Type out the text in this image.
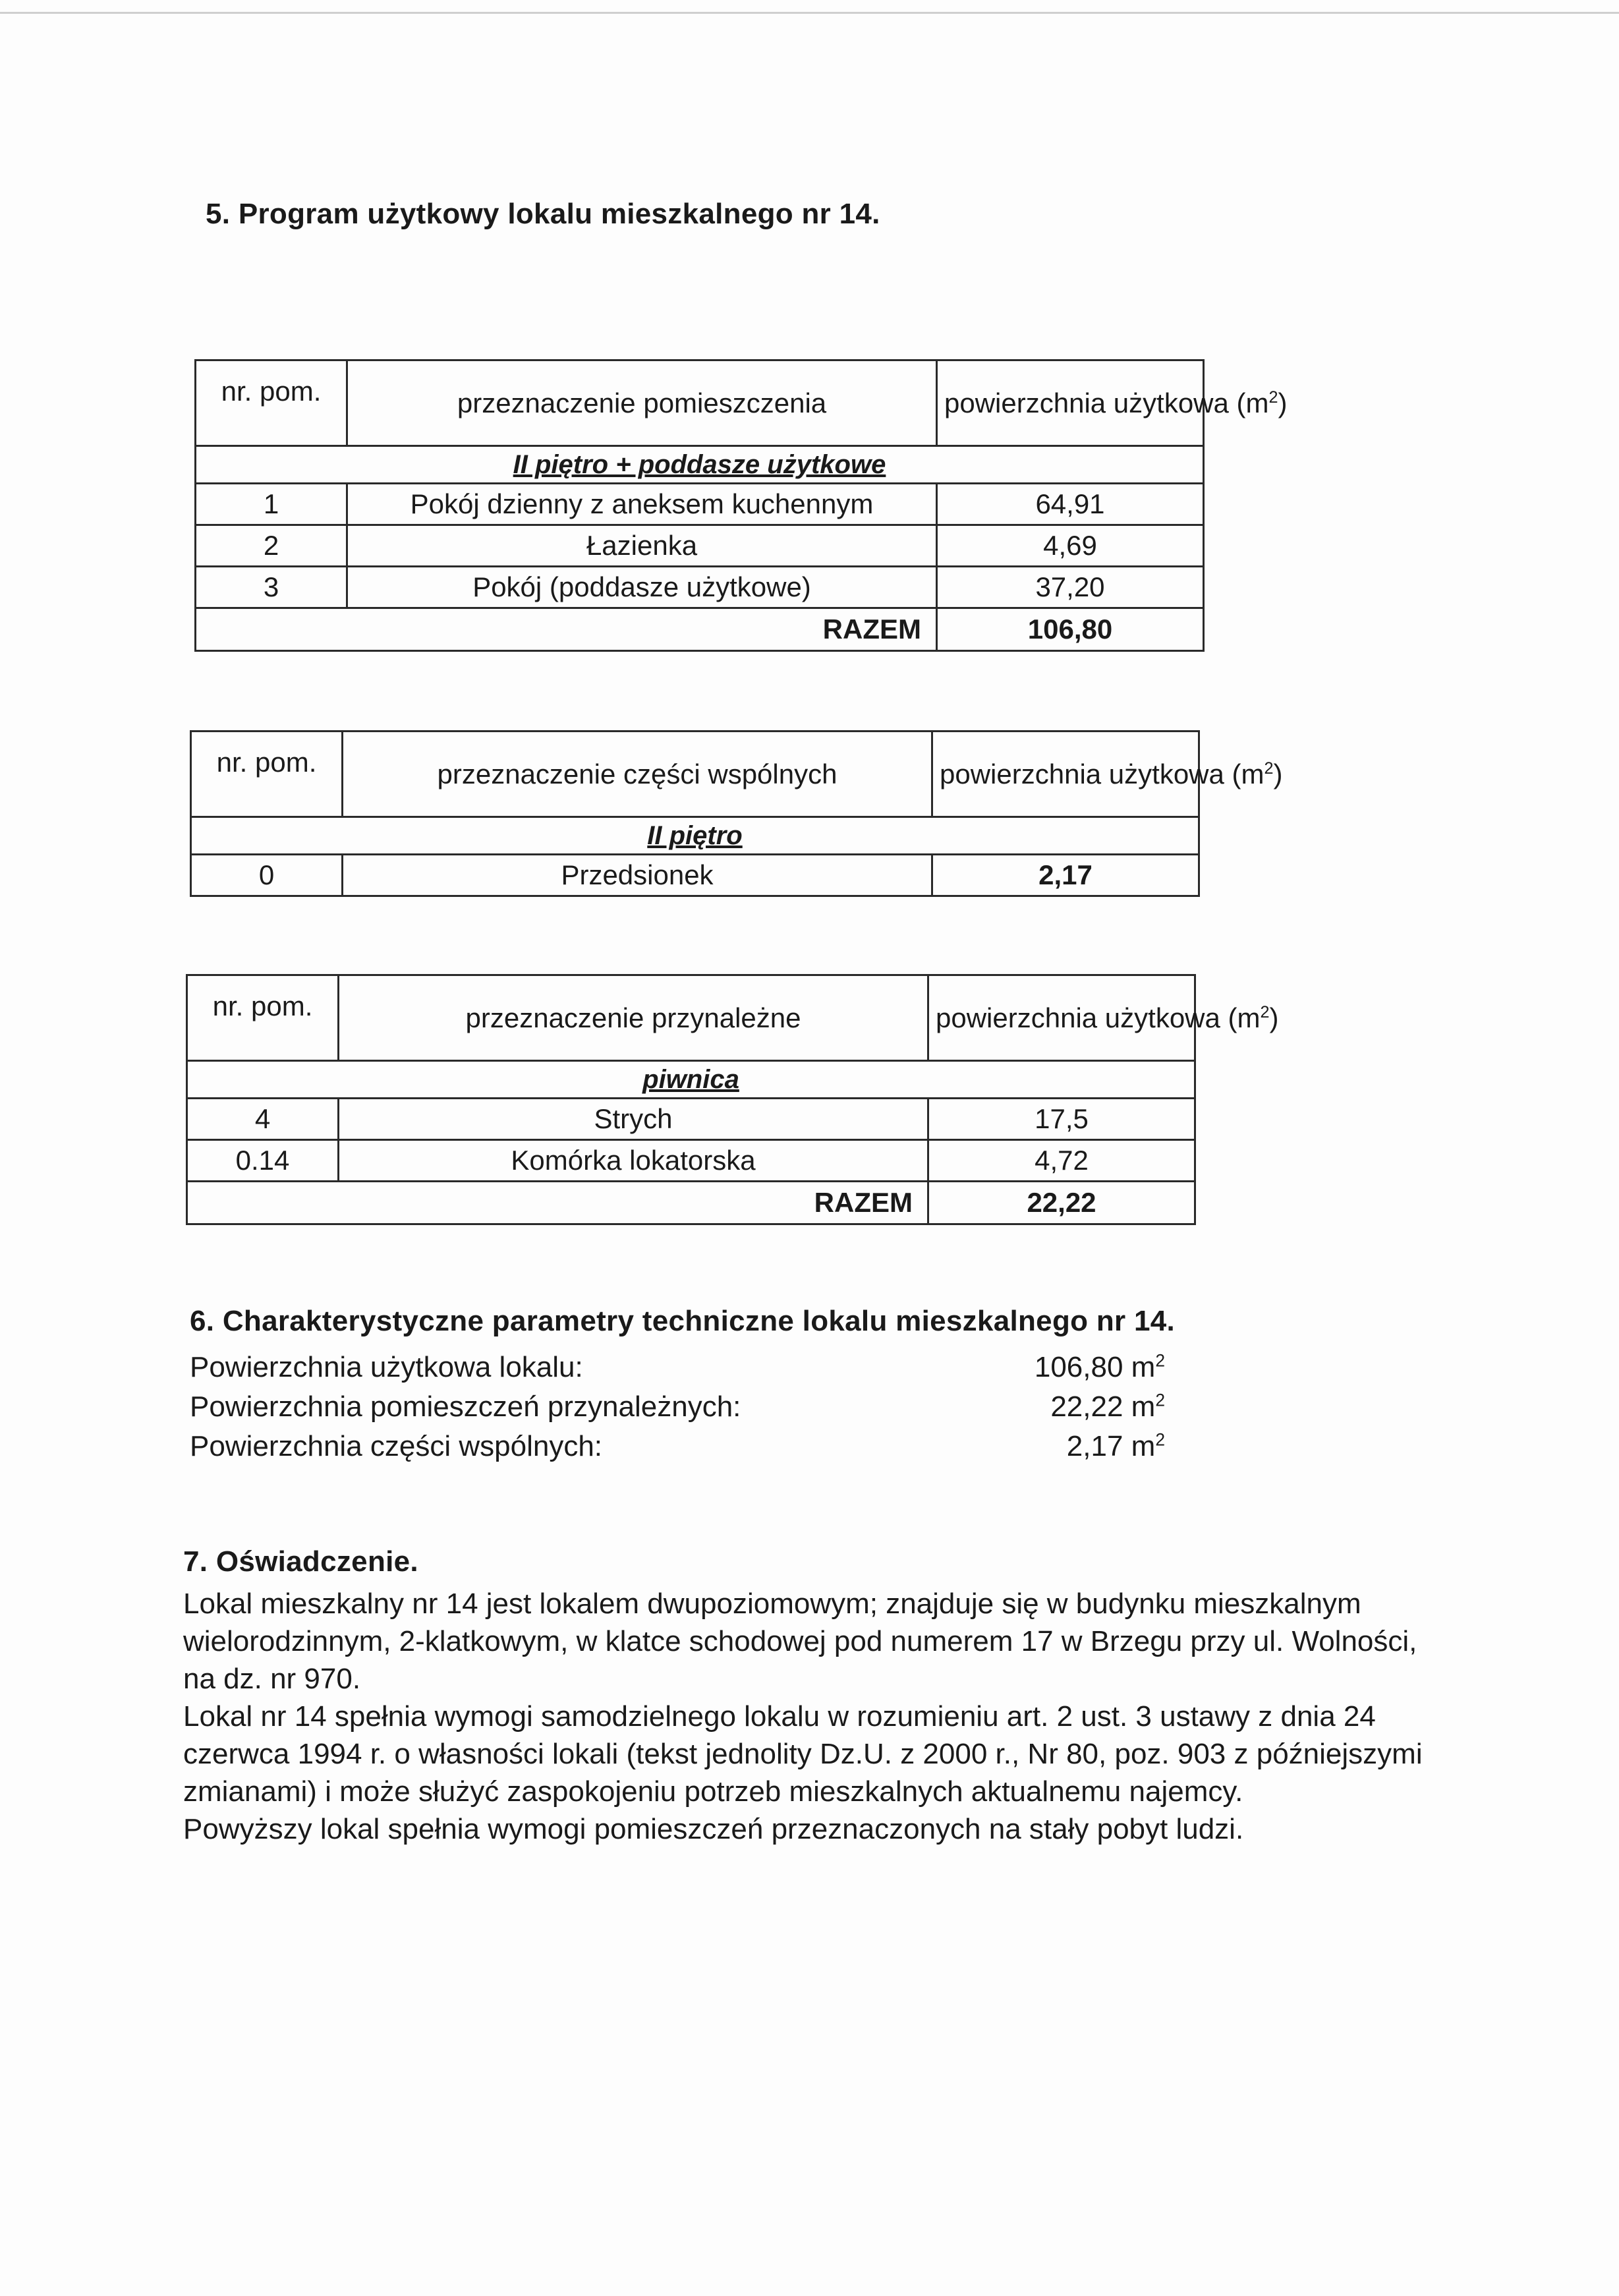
5. Program użytkowy lokalu mieszkalnego nr 14.
nr. pom.	przeznaczenie pomieszczenia	powierzchnia użytkowa $(m^2)$
II piętro + poddasze użytkowe		
1	Pokój dzienny z aneksem kuchennym	64,91
2	Łazienka	4,69
3	Pokój (poddasze użytkowe)	37,20
RAZEM		106,80
nr. pom.	przeznaczenie części wspólnych	powierzchnia użytkowa $(m^2)$
II piętro		
0	Przedsionek	2,17
nr. pom.	przeznaczenie przynależne	powierzchnia użytkowa $(m^2)$
piwnica		
4	Strych	17,5
0.14	Komórka lokatorska	4,72
RAZEM		22,22
6. Charakterystyczne parametry techniczne lokalu mieszkalnego nr 14.
Powierzchnia użytkowa lokalu:	106,80 $m^2$
Powierzchnia pomieszczeń przynależnych:	22,22 $m^2$
Powierzchnia części wspólnych:	2,17 $m^2$
7. Oświadczenie.
Lokal mieszkalny nr 14 jest lokalem dwupoziomowym; znajduje się w budynku mieszkalnym
wielorodzinnym, 2-klatkowym, w klatce schodowej pod numerem 17 w Brzegu przy ul. Wolności,
na dz. nr 970.
Lokal nr 14 spełnia wymogi samodzielnego lokalu w rozumieniu art. 2 ust. 3 ustawy z dnia 24
czerwca 1994 r. o własności lokali (tekst jednolity Dz.U. z 2000 r., Nr 80, poz. 903 z późniejszymi
zmianami) i może służyć zaspokojeniu potrzeb mieszkalnych aktualnemu najemcy.
Powyższy lokal spełnia wymogi pomieszczeń przeznaczonych na stały pobyt ludzi.
